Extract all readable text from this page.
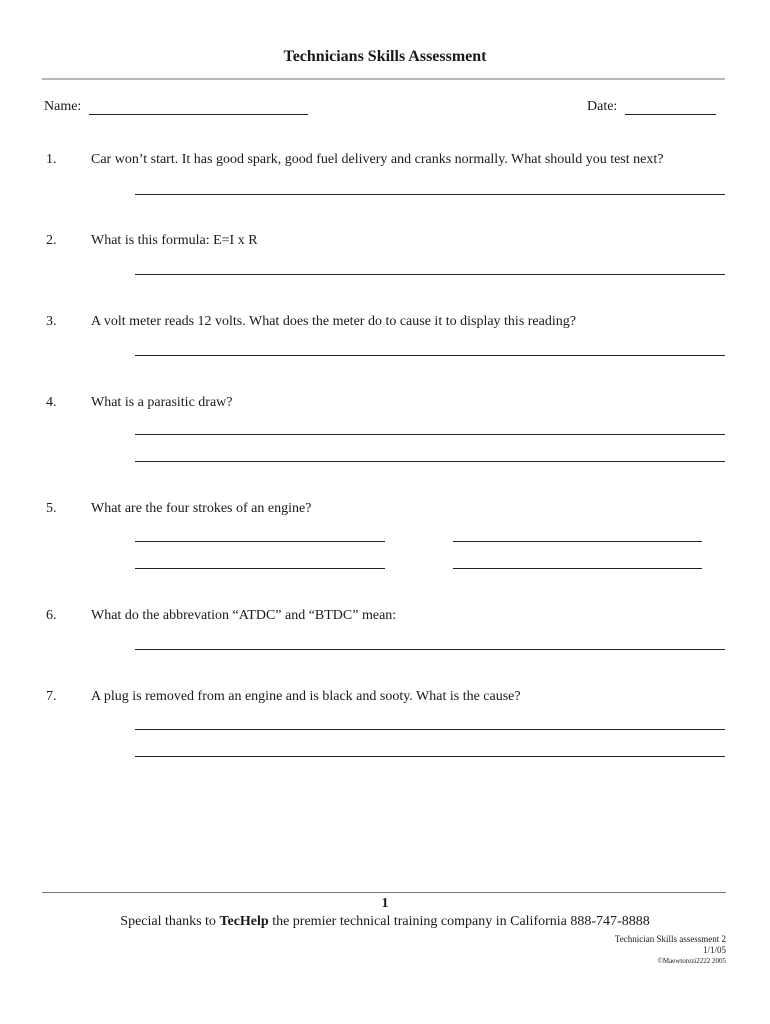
Technicians Skills Assessment
Name:	Date:
1. Car won’t start. It has good spark, good fuel delivery and cranks normally. What should you test next?
2. What is this formula: E=I x R
3. A volt meter reads 12 volts. What does the meter do to cause it to display this reading?
4. What is a parasitic draw?
5. What are the four strokes of an engine?
6. What do the abbrevation “ATDC” and “BTDC” mean:
7. A plug is removed from an engine and is black and sooty. What is the cause?
1
Special thanks to TecHelp the premier technical training company in California 888-747-8888
Technician Skills assessment 2
1/1/05
©Maewtorezi2222 2005
